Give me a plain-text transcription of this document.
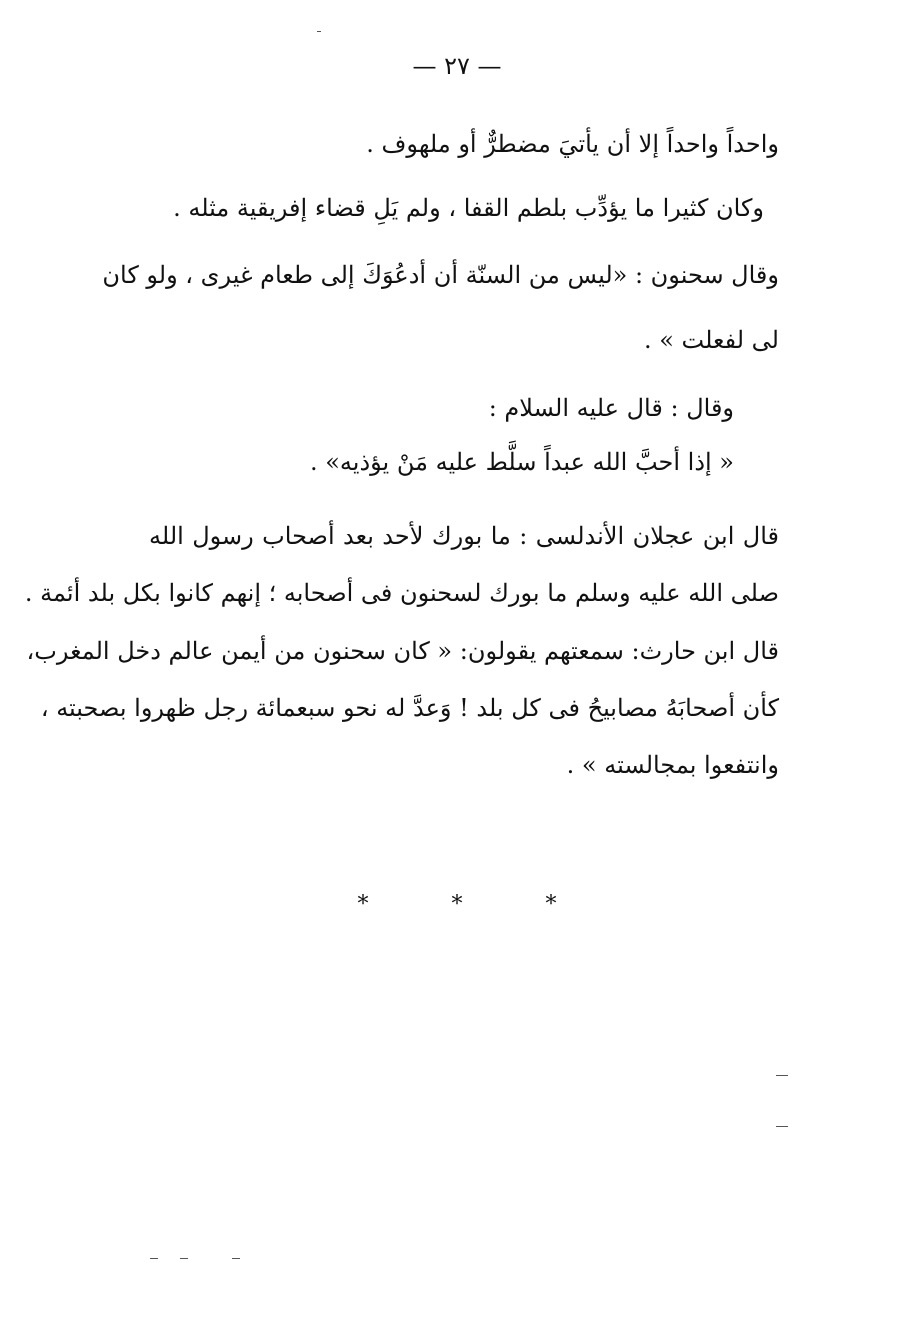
— ٢٧ —
واحداً واحداً إلا أن يأتيَ مضطرٌّ أو ملهوف .
وكان كثيرا ما يؤدِّب بلطم القفا ، ولم يَلِ قضاء إفريقية مثله .
وقال سحنون : «ليس من السنّة أن أدعُوَكَ إلى طعام غيرى ، ولو كان
لى لفعلت » .
وقال : قال عليه السلام :
« إذا أحبَّ الله عبداً سلَّط عليه مَنْ يؤذيه» .
قال ابن عجلان الأندلسى : ما بورك لأحد بعد أصحاب رسول الله
صلى الله عليه وسلم ما بورك لسحنون فى أصحابه ؛ إنهم كانوا بكل بلد أئمة .
قال ابن حارث: سمعتهم يقولون: « كان سحنون من أيمن عالم دخل المغرب،
كأن أصحابَهُ مصابيحُ فى كل بلد ! وَعدَّ له نحو سبعمائة رجل ظهروا بصحبته ،
وانتفعوا بمجالسته » .
* * *
